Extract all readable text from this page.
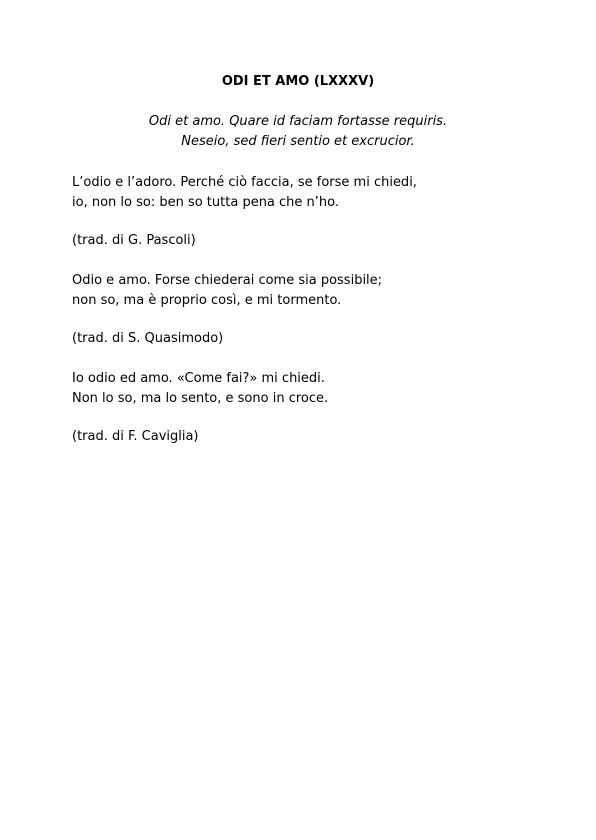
ODI ET AMO (LXXXV)
Odi et amo. Quare id faciam fortasse requiris.
Neseio, sed fieri sentio et excrucior.
L’odio e l’adoro. Perché ciò faccia, se forse mi chiedi,
io, non lo so: ben so tutta pena che n’ho.
(trad. di G. Pascoli)
Odio e amo. Forse chiederai come sia possibile;
non so, ma è proprio così, e mi tormento.
(trad. di S. Quasimodo)
Io odio ed amo. «Come fai?» mi chiedi.
Non lo so, ma lo sento, e sono in croce.
(trad. di F. Caviglia)
